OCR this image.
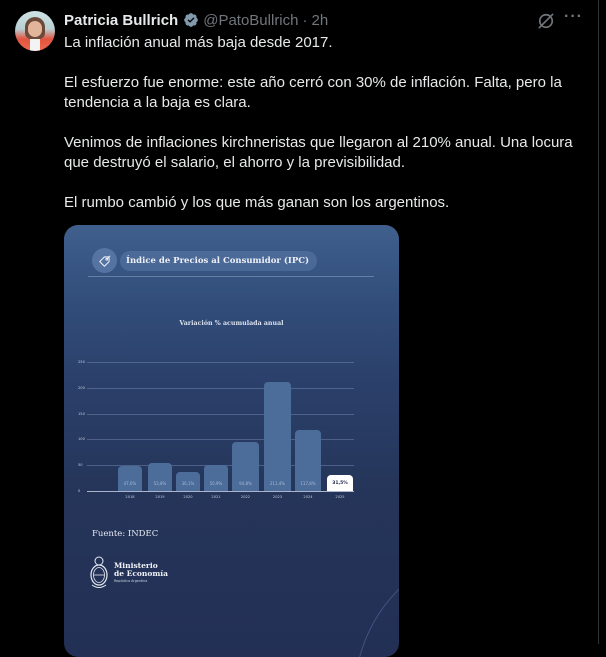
Patricia Bullrich @PatoBullrich · 2h	···

La inflación anual más baja desde 2017.

El esfuerzo fue enorme: este año cerró con 30% de inflación. Falta, pero la tendencia a la baja es clara.

Venimos de inflaciones kirchneristas que llegaron al 210% anual. Una locura que destruyó el salario, el ahorro y la previsibilidad.

El rumbo cambió y los que más ganan son los argentinos.

Índice de Precios al Consumidor (IPC)
Variación % acumulada anual
0
50
100
150
200
250
47,6%
2018
53,8%
2019
36,1%
2020
50,9%
2021
94,8%
2022
211,4%
2023
117,8%
2024
31,5%
2025
Fuente: INDEC
Ministerio
de Economía
República Argentina
